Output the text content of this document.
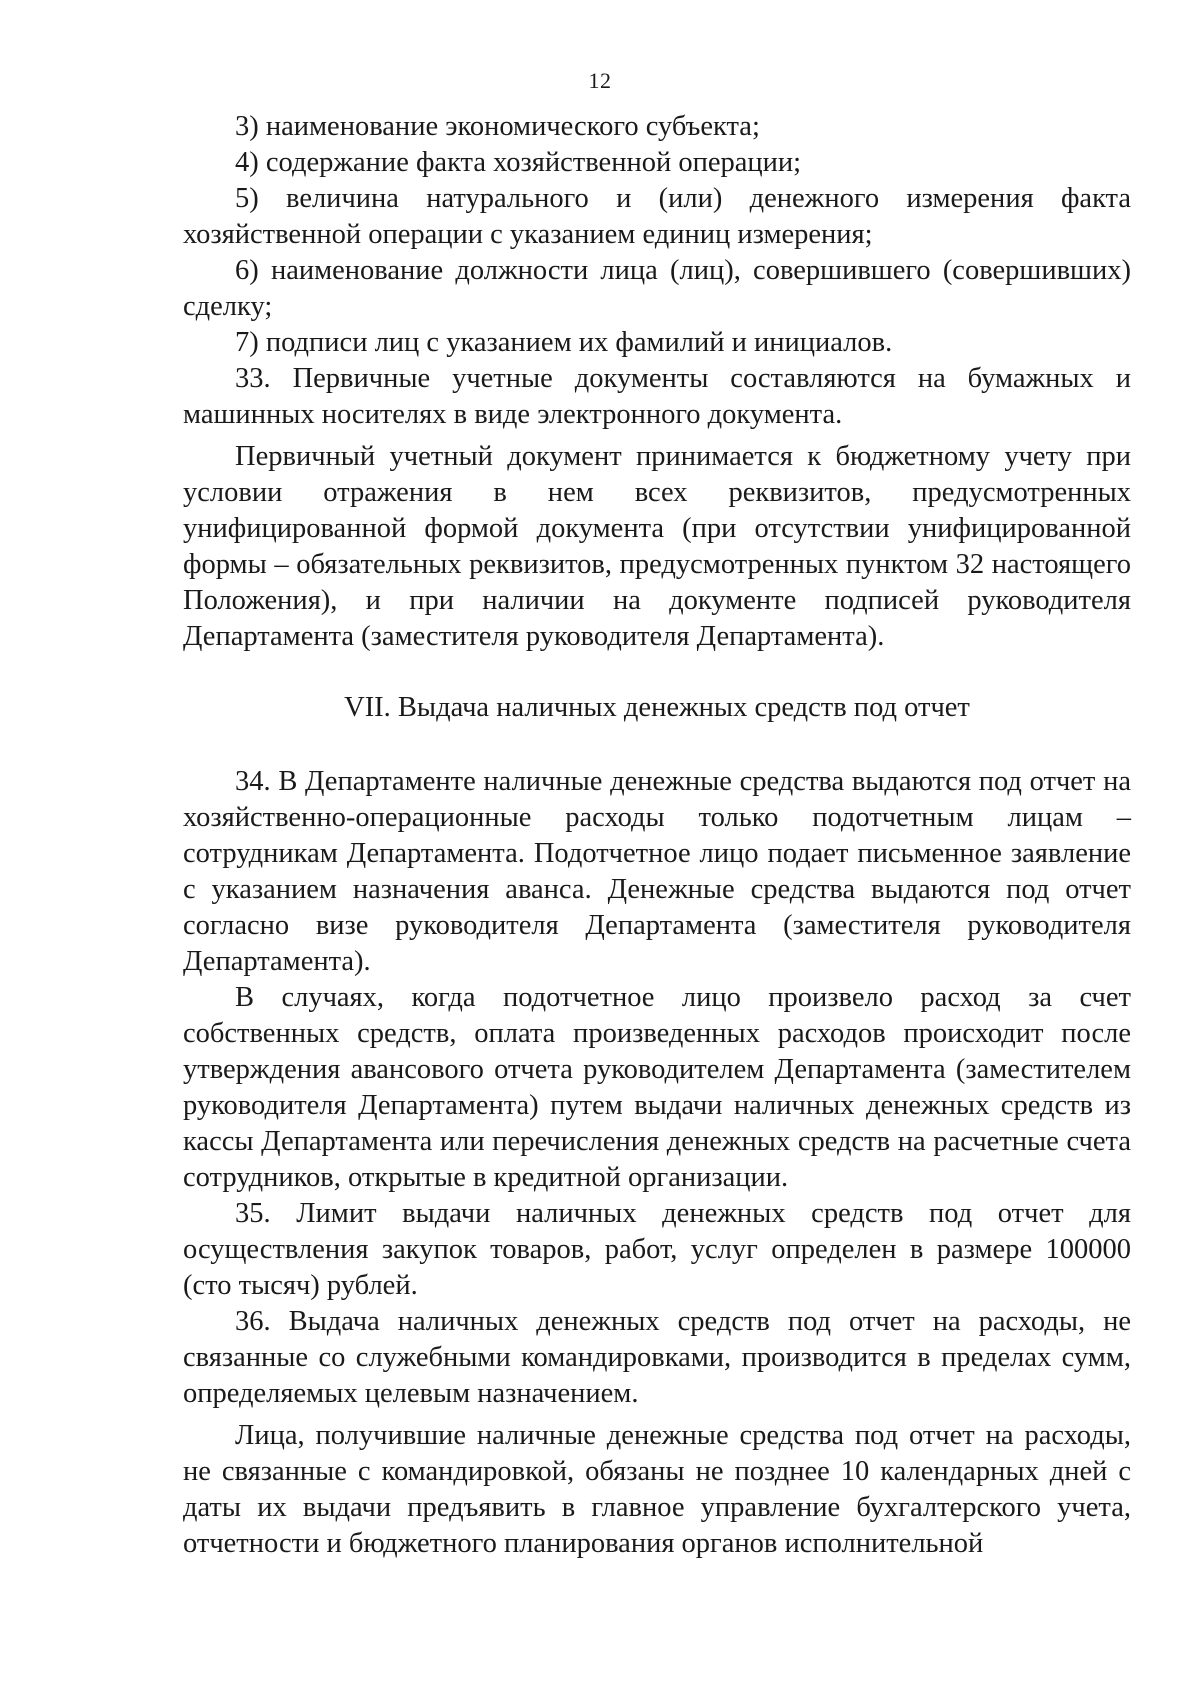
12

3) наименование экономического субъекта;

4) содержание факта хозяйственной операции;

5) величина натурального и (или) денежного измерения факта хозяйственной операции с указанием единиц измерения;

6) наименование должности лица (лиц), совершившего (совершивших) сделку;

7) подписи лиц с указанием их фамилий и инициалов.

33. Первичные учетные документы составляются на бумажных и машинных носителях в виде электронного документа.

Первичный учетный документ принимается к бюджетному учету при условии отражения в нем всех реквизитов, предусмотренных унифицированной формой документа (при отсутствии унифицированной формы – обязательных реквизитов, предусмотренных пунктом 32 настоящего Положения), и при наличии на документе подписей руководителя Департамента (заместителя руководителя Департамента).

VII. Выдача наличных денежных средств под отчет

34. В Департаменте наличные денежные средства выдаются под отчет на хозяйственно-операционные расходы только подотчетным лицам – сотрудникам Департамента. Подотчетное лицо подает письменное заявление с указанием назначения аванса. Денежные средства выдаются под отчет согласно визе руководителя Департамента (заместителя руководителя Департамента).

В случаях, когда подотчетное лицо произвело расход за счет собственных средств, оплата произведенных расходов происходит после утверждения авансового отчета руководителем Департамента (заместителем руководителя Департамента) путем выдачи наличных денежных средств из кассы Департамента или перечисления денежных средств на расчетные счета сотрудников, открытые в кредитной организации.

35. Лимит выдачи наличных денежных средств под отчет для осуществления закупок товаров, работ, услуг определен в размере 100000 (сто тысяч) рублей.

36. Выдача наличных денежных средств под отчет на расходы, не связанные со служебными командировками, производится в пределах сумм, определяемых целевым назначением.

Лица, получившие наличные денежные средства под отчет на расходы, не связанные с командировкой, обязаны не позднее 10 календарных дней с даты их выдачи предъявить в главное управление бухгалтерского учета, отчетности и бюджетного планирования органов исполнительной
